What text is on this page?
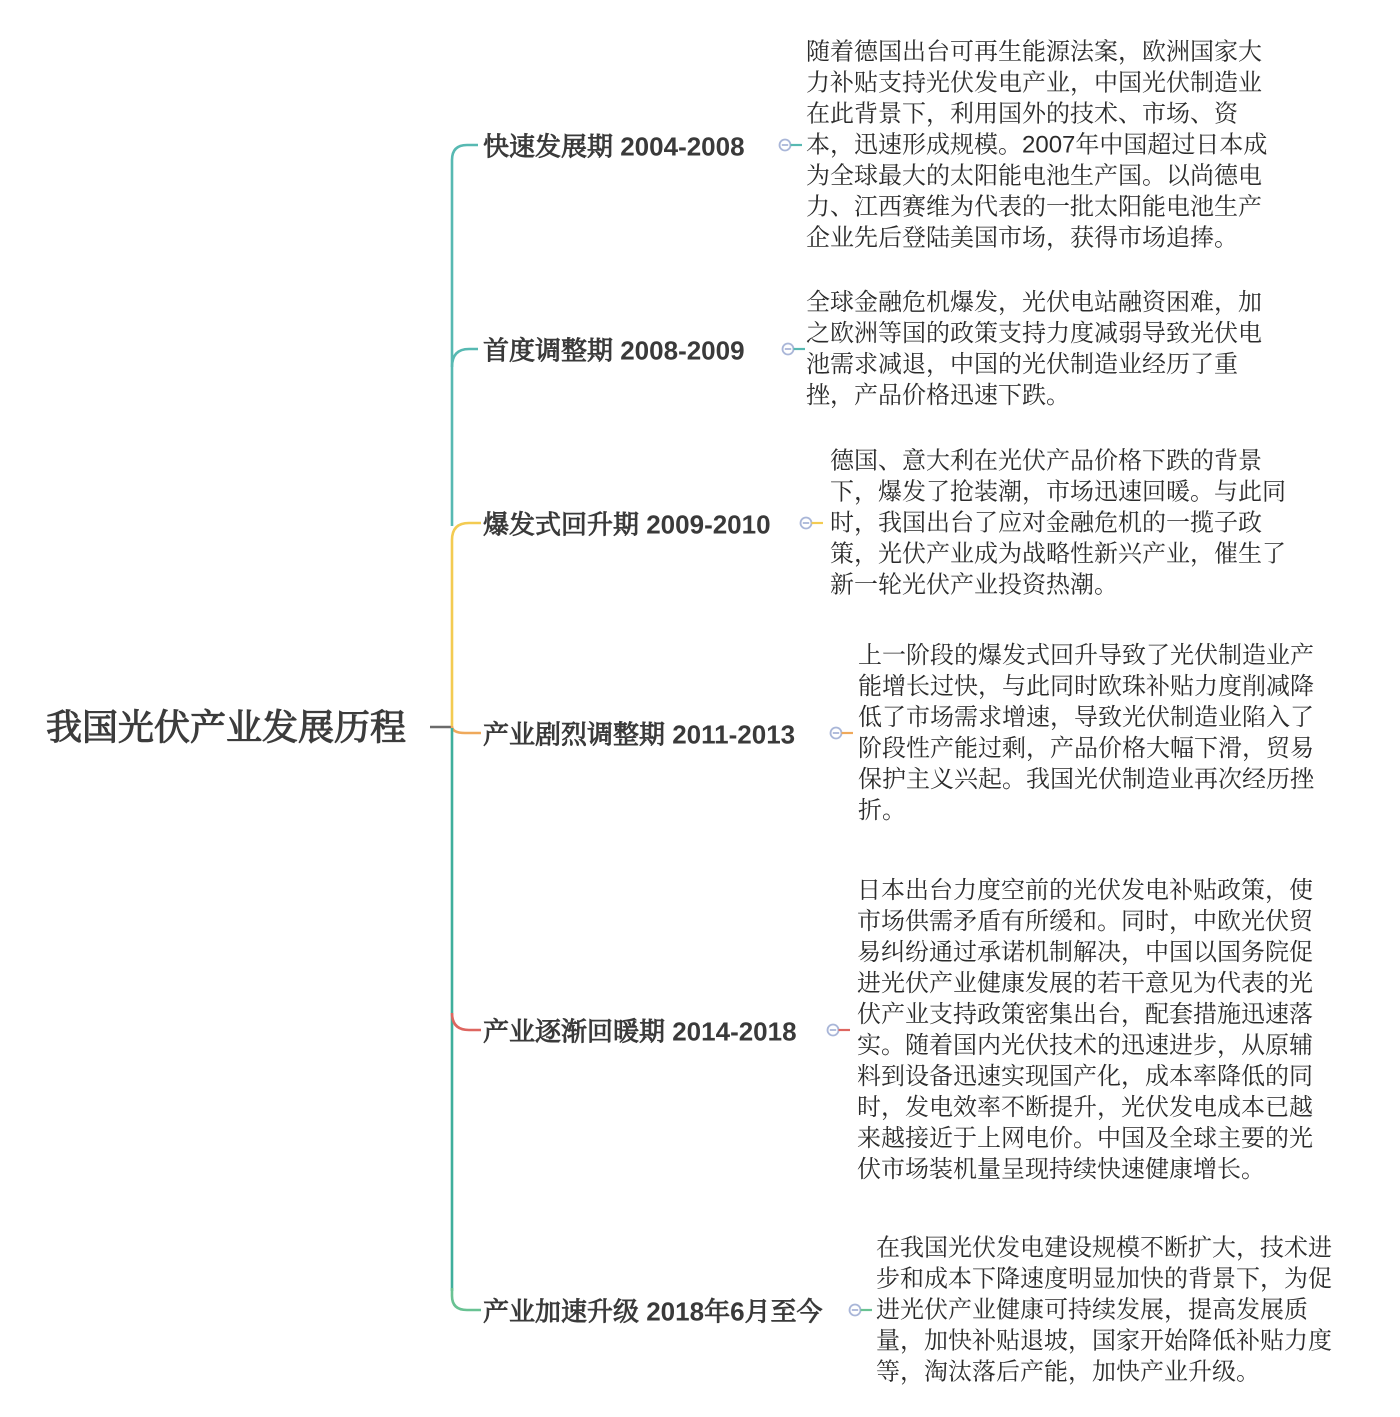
我国光伏产业发展历程
快速发展期 2004-2008
首度调整期 2008-2009
爆发式回升期 2009-2010
产业剧烈调整期 2011-2013
产业逐渐回暖期 2014-2018
产业加速升级 2018年6月至今
随着德国出台可再生能源法案，欧洲国家大力补贴支持光伏发电产业，中国光伏制造业在此背景下，利用国外的技术、市场、资本，迅速形成规模。2007年中国超过日本成为全球最大的太阳能电池生产国。以尚德电力、江西赛维为代表的一批太阳能电池生产企业先后登陆美国市场，获得市场追捧。
全球金融危机爆发，光伏电站融资困难，加之欧洲等国的政策支持力度减弱导致光伏电池需求减退，中国的光伏制造业经历了重挫，产品价格迅速下跌。
德国、意大利在光伏产品价格下跌的背景下，爆发了抢装潮，市场迅速回暖。与此同时，我国出台了应对金融危机的一揽子政策，光伏产业成为战略性新兴产业，催生了新一轮光伏产业投资热潮。
上一阶段的爆发式回升导致了光伏制造业产能增长过快，与此同时欧珠补贴力度削减降低了市场需求增速，导致光伏制造业陷入了阶段性产能过剩，产品价格大幅下滑，贸易保护主义兴起。我国光伏制造业再次经历挫折。
日本出台力度空前的光伏发电补贴政策，使市场供需矛盾有所缓和。同时，中欧光伏贸易纠纷通过承诺机制解决，中国以国务院促进光伏产业健康发展的若干意见为代表的光伏产业支持政策密集出台，配套措施迅速落实。随着国内光伏技术的迅速进步，从原辅料到设备迅速实现国产化，成本率降低的同时，发电效率不断提升，光伏发电成本已越来越接近于上网电价。中国及全球主要的光伏市场装机量呈现持续快速健康增长。
在我国光伏发电建设规模不断扩大，技术进步和成本下降速度明显加快的背景下，为促进光伏产业健康可持续发展，提高发展质量，加快补贴退坡，国家开始降低补贴力度等，淘汰落后产能，加快产业升级。
